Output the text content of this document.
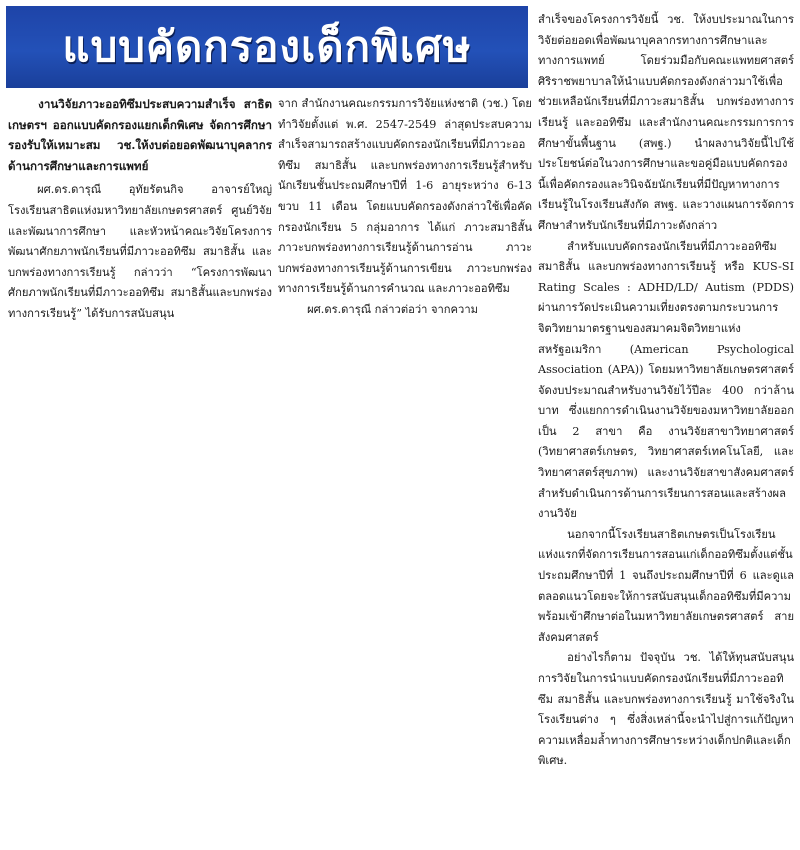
แบบคัดกรองเด็กพิเศษ

งานวิจัยภาวะออทิซึมประสบความสำเร็จ สาธิตเกษตรฯ ออกแบบคัดกรองแยกเด็กพิเศษ จัดการศึกษารองรับให้เหมาะสม วช.ให้งบต่อยอดพัฒนาบุคลากรด้านการศึกษาและการแพทย์

ผศ.ดร.ดารุณี อุทัยรัตนกิจ อาจารย์ใหญ่โรงเรียนสาธิตแห่งมหาวิทยาลัยเกษตรศาสตร์ ศูนย์วิจัยและพัฒนาการศึกษา และหัวหน้าคณะวิจัยโครงการพัฒนาศักยภาพนักเรียนที่มีภาวะออทิซึม สมาธิสั้น และบกพร่องทางการเรียนรู้ กล่าวว่า “โครงการพัฒนาศักยภาพนักเรียนที่มีภาวะออทิซึม สมาธิสั้นและบกพร่องทางการเรียนรู้” ได้รับการสนับสนุน

จาก สำนักงานคณะกรรมการวิจัยแห่งชาติ (วช.) โดยทำวิจัยตั้งแต่ พ.ศ. 2547-2549 ล่าสุดประสบความสำเร็จสามารถสร้างแบบคัดกรองนักเรียนที่มีภาวะออทิซึม สมาธิสั้น และบกพร่องทางการเรียนรู้สำหรับนักเรียนชั้นประถมศึกษาปีที่ 1-6 อายุระหว่าง 6-13 ขวบ 11 เดือน โดยแบบคัดกรองดังกล่าวใช้เพื่อคัดกรองนักเรียน 5 กลุ่มอาการ ได้แก่ ภาวะสมาธิสั้น ภาวะบกพร่องทางการเรียนรู้ด้านการอ่าน ภาวะบกพร่องทางการเรียนรู้ด้านการเขียน ภาวะบกพร่องทางการเรียนรู้ด้านการคำนวณ และภาวะออทิซึม

ผศ.ดร.ดารุณี กล่าวต่อว่า จากความ

สำเร็จของโครงการวิจัยนี้ วช. ให้งบประมาณในการวิจัยต่อยอดเพื่อพัฒนาบุคลากรทางการศึกษาและทางการแพทย์ โดยร่วมมือกับคณะแพทยศาสตร์ศิริราชพยาบาลให้นำแบบคัดกรองดังกล่าวมาใช้เพื่อช่วยเหลือนักเรียนที่มีภาวะสมาธิสั้น บกพร่องทางการเรียนรู้ และออทิซึม และสำนักงานคณะกรรมการการศึกษาขั้นพื้นฐาน (สพฐ.) นำผลงานวิจัยนี้ไปใช้ประโยชน์ต่อในวงการศึกษาและขอคู่มือแบบคัดกรองนี้เพื่อคัดกรองและวินิจฉัยนักเรียนที่มีปัญหาทางการเรียนรู้ในโรงเรียนสังกัด สพฐ. และวางแผนการจัดการศึกษาสำหรับนักเรียนที่มีภาวะดังกล่าว

สำหรับแบบคัดกรองนักเรียนที่มีภาวะออทิซึม สมาธิสั้น และบกพร่องทางการเรียนรู้ หรือ KUS-SI Rating Scales : ADHD/LD/ Autism (PDDS) ผ่านการวัดประเมินความเที่ยงตรงตามกระบวนการจิตวิทยามาตรฐานของสมาคมจิตวิทยาแห่งสหรัฐอเมริกา (American Psychological Association (APA)) โดยมหาวิทยาลัยเกษตรศาสตร์ จัดงบประมาณสำหรับงานวิจัยไว้ปีละ 400 กว่าล้านบาท ซึ่งแยกการดำเนินงานวิจัยของมหาวิทยาลัยออกเป็น 2 สาขา คือ งานวิจัยสาขาวิทยาศาสตร์ (วิทยาศาสตร์เกษตร, วิทยาศาสตร์เทคโนโลยี, และวิทยาศาสตร์สุขภาพ) และงานวิจัยสาขาสังคมศาสตร์ สำหรับดำเนินการด้านการเรียนการสอนและสร้างผลงานวิจัย

นอกจากนี้โรงเรียนสาธิตเกษตรเป็นโรงเรียนแห่งแรกที่จัดการเรียนการสอนแก่เด็กออทิซึมตั้งแต่ชั้นประถมศึกษาปีที่ 1 จนถึงประถมศึกษาปีที่ 6 และดูแลตลอดแนวโดยจะให้การสนับสนุนเด็กออทิซึมที่มีความพร้อมเข้าศึกษาต่อในมหาวิทยาลัยเกษตรศาสตร์ สายสังคมศาสตร์

อย่างไรก็ตาม ปัจจุบัน วช. ได้ให้ทุนสนับสนุนการวิจัยในการนำแบบคัดกรองนักเรียนที่มีภาวะออทิซึม สมาธิสั้น และบกพร่องทางการเรียนรู้ มาใช้จริงในโรงเรียนต่าง ๆ ซึ่งสิ่งเหล่านี้จะนำไปสู่การแก้ปัญหาความเหลื่อมล้ำทางการศึกษาระหว่างเด็กปกติและเด็กพิเศษ.
